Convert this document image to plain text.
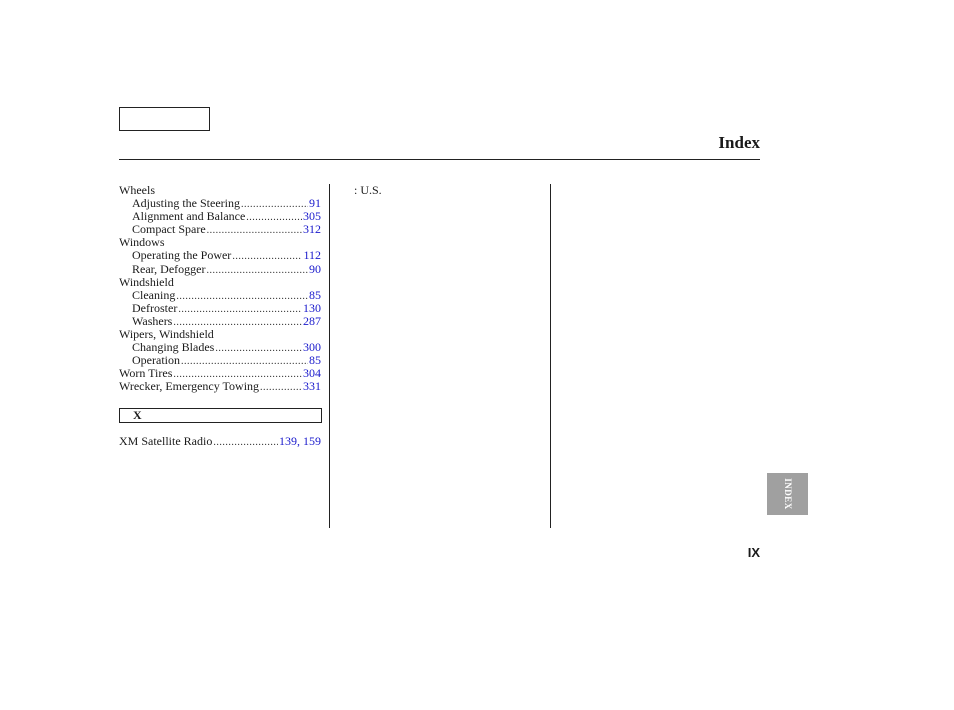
Index
Wheels
Adjusting the Steering .....	91
Alignment and Balance .....	305
Compact Spare .....	312
Windows
Operating the Power .....	112
Rear, Defogger .....	90
Windshield
Cleaning .....	85
Defroster .....	130
Washers .....	287
Wipers, Windshield
Changing Blades .....	300
Operation .....	85
Worn Tires .....	304
Wrecker, Emergency Towing .....	331
X
XM Satellite Radio .....	139, 159
: U.S.
INDEX
IX
